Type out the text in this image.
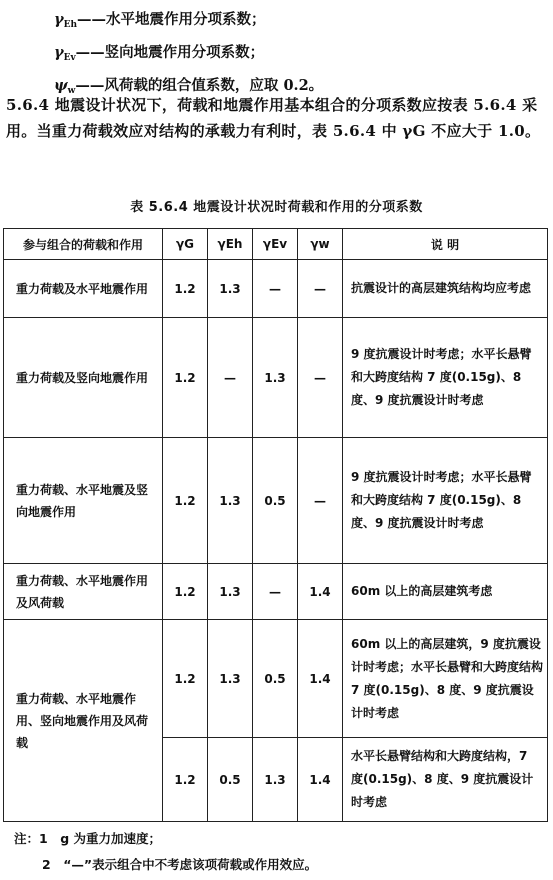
$\gamma_{Eh}——$水平地震作用分项系数；
$\gamma_{Ev}——$竖向地震作用分项系数；
$\psi_w——$风荷载的组合值系数，应取 0.2。
5.6.4 地震设计状况下，荷载和地震作用基本组合的分项系数应按表 5.6.4 采用。当重力荷载效应对结构的承载力有利时，表 5.6.4 中 γG 不应大于 1.0。
表 5.6.4 地震设计状况时荷载和作用的分项系数
参与组合的荷载和作用	γG	γEh	γEv	γw	说 明
重力荷载及水平地震作用	1.2	1.3	—	—	抗震设计的高层建筑结构均应考虑
重力荷载及竖向地震作用	1.2	—	1.3	—	9 度抗震设计时考虑；水平长悬臂和大跨度结构 7 度(0.15g)、8 度、9 度抗震设计时考虑
重力荷载、水平地震及竖向地震作用	1.2	1.3	0.5	—	9 度抗震设计时考虑；水平长悬臂和大跨度结构 7 度(0.15g)、8 度、9 度抗震设计时考虑
重力荷载、水平地震作用及风荷载	1.2	1.3	—	1.4	60m 以上的高层建筑考虑
重力荷载、水平地震作用、竖向地震作用及风荷载	1.2	1.3	0.5	1.4	60m 以上的高层建筑，9 度抗震设计时考虑；水平长悬臂和大跨度结构 7 度(0.15g)、8 度、9 度抗震设计时考虑
	1.2	0.5	1.3	1.4	水平长悬臂结构和大跨度结构，7 度(0.15g)、8 度、9 度抗震设计时考虑
注：1　g 为重力加速度；
2　“—”表示组合中不考虑该项荷载或作用效应。
